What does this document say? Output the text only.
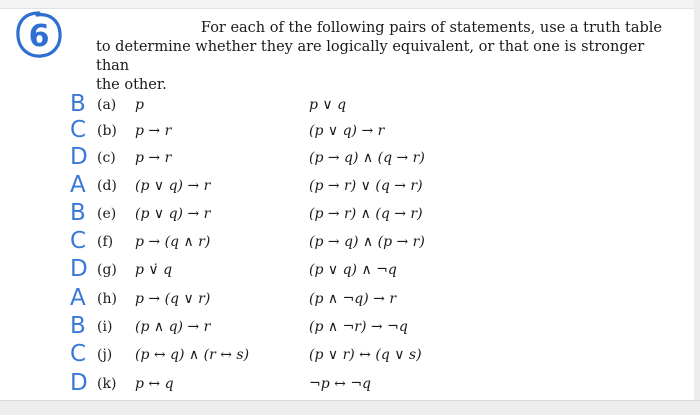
6	For each of the following pairs of statements, use a truth table
to determine whether they are logically equivalent, or that one is stronger than
the other.
B (a) p	p ∨ q
C (b) p → r	(p ∨ q) → r
D (c) p → r	(p → q) ∧ (q → r)
A (d) (p ∨ q) → r	(p → r) ∨ (q → r)
B (e) (p ∨ q) → r	(p → r) ∧ (q → r)
C (f) p → (q ∧ r)	(p → q) ∧ (p → r)
D (g) p ∨̇ q	(p ∨ q) ∧ ¬q
A (h) p → (q ∨ r)	(p ∧ ¬q) → r
B (i) (p ∧ q) → r	(p ∧ ¬r) → ¬q
C (j) (p ↔ q) ∧ (r ↔ s)	(p ∨ r) ↔ (q ∨ s)
D (k) p ↔ q	¬p ↔ ¬q
